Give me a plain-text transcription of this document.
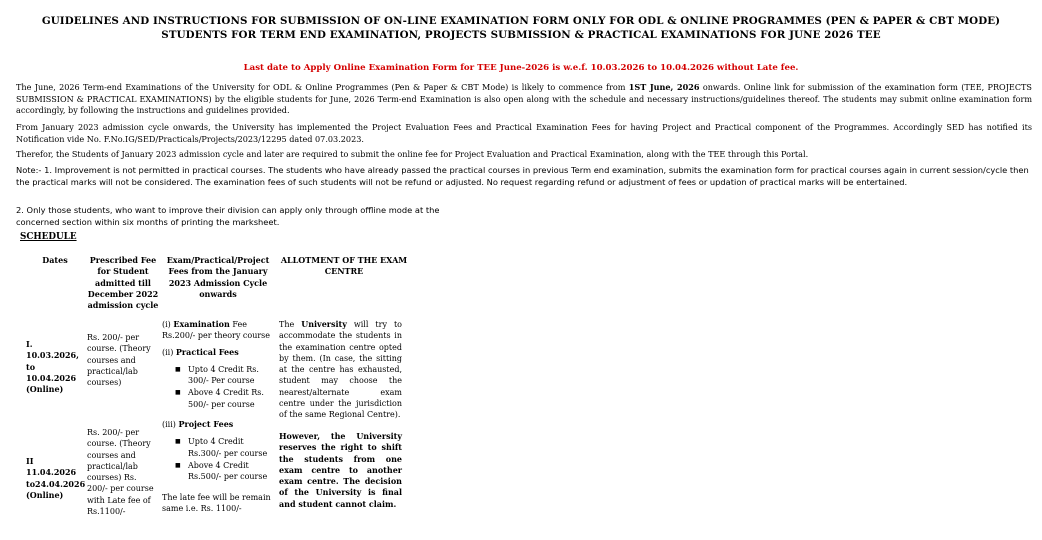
GUIDELINES AND INSTRUCTIONS FOR SUBMISSION OF ON-LINE EXAMINATION FORM ONLY FOR ODL & ONLINE PROGRAMMES (PEN & PAPER & CBT MODE) STUDENTS FOR TERM END EXAMINATION, PROJECTS SUBMISSION & PRACTICAL EXAMINATIONS FOR JUNE 2026 TEE
Last date to Apply Online Examination Form for TEE June-2026 is w.e.f. 10.03.2026 to 10.04.2026 without Late fee.
The June, 2026 Term-end Examinations of the University for ODL & Online Programmes (Pen & Paper & CBT Mode) is likely to commence from 1ST June, 2026 onwards. Online link for submission of the examination form (TEE, PROJECTS SUBMISSION & PRACTICAL EXAMINATIONS) by the eligible students for June, 2026 Term-end Examination is also open along with the schedule and necessary instructions/guidelines thereof. The students may submit online examination form accordingly, by following the instructions and guidelines provided.
From January 2023 admission cycle onwards, the University has implemented the Project Evaluation Fees and Practical Examination Fees for having Project and Practical component of the Programmes. Accordingly SED has notified its Notification vide No. F.No.IG/SED/Practicals/Projects/2023/12295 dated 07.03.2023.
Therefor, the Students of January 2023 admission cycle and later are required to submit the online fee for Project Evaluation and Practical Examination, along with the TEE through this Portal.
Note:- 1. Improvement is not permitted in practical courses. The students who have already passed the practical courses in previous Term end examination, submits the examination form for practical courses again in current session/cycle then the practical marks will not be considered. The examination fees of such students will not be refund or adjusted. No request regarding refund or adjustment of fees or updation of practical marks will be entertained.
2. Only those students, who want to improve their division can apply only through offline mode at the concerned section within six months of printing the marksheet.
SCHEDULE
Dates	Prescribed Fee for Student admitted till December 2022 admission cycle
Exam/Practical/Project Fees from the January 2023 Admission Cycle onwards
ALLOTMENT OF THE EXAM CENTRE
I. 10.03.2026, to 10.04.2026 (Online)
Rs. 200/- per course. (Theory courses and practical/lab courses)
(i) Examination Fee Rs.200/- per theory course
(ii) Practical Fees
■ Upto 4 Credit Rs. 300/- Per course
■ Above 4 Credit Rs. 500/- per course
(iii) Project Fees
■ Upto 4 Credit Rs.300/- per course
■ Above 4 Credit Rs.500/- per course
The late fee will be remain same i.e. Rs. 1100/-
The University will try to accommodate the students in the examination centre opted by them. (In case, the sitting at the centre has exhausted, student may choose the nearest/alternate exam centre under the jurisdiction of the same Regional Centre).
However, the University reserves the right to shift the students from one exam centre to another exam centre. The decision of the University is final and student cannot claim.
II 11.04.2026 to24.04.2026 (Online)
Rs. 200/- per course. (Theory courses and practical/lab courses) Rs. 200/- per course with Late fee of Rs.1100/-
